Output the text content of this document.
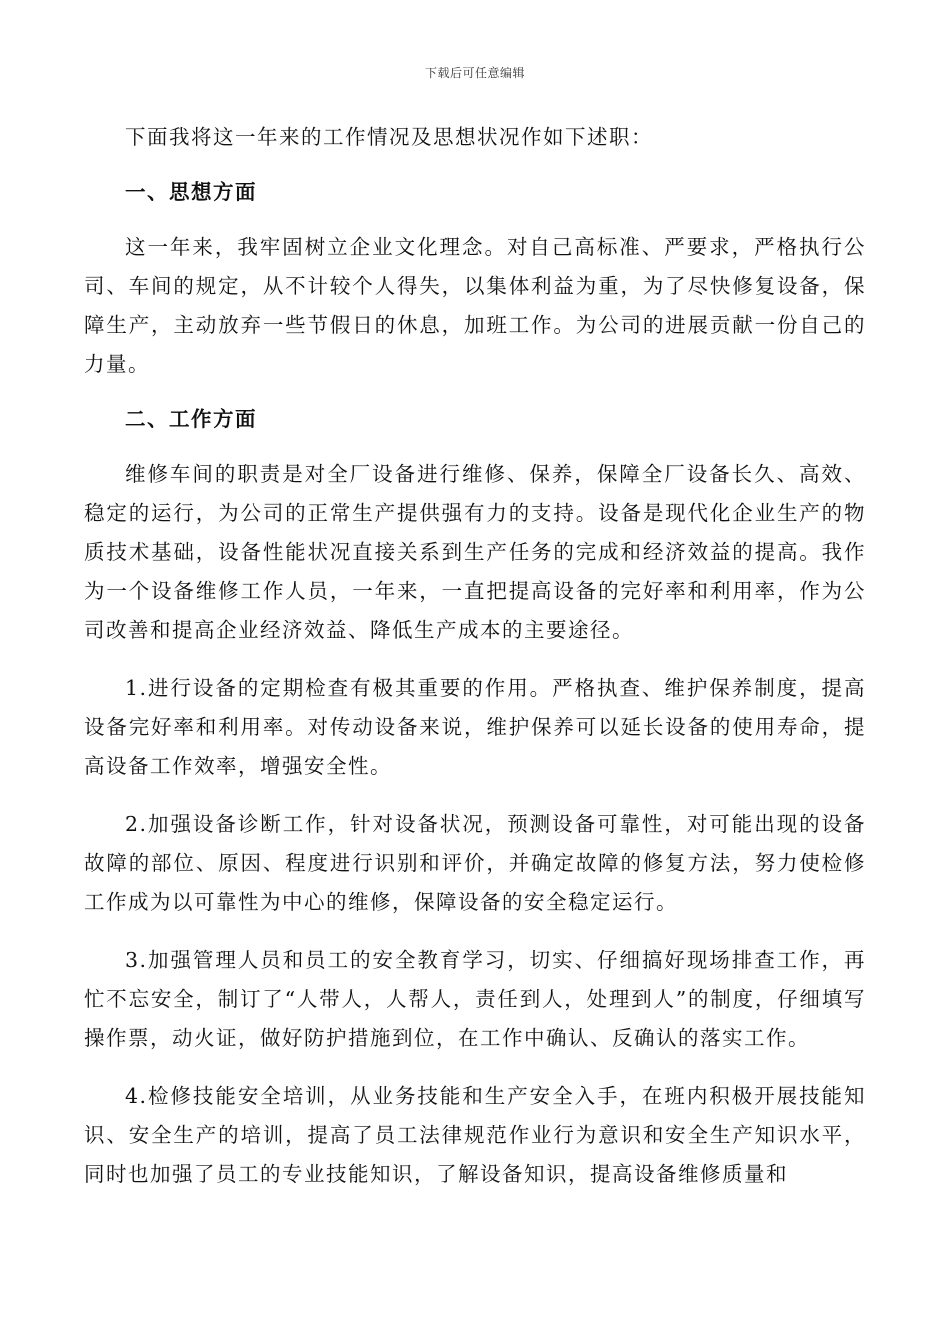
下载后可任意编辑

下面我将这一年来的工作情况及思想状况作如下述职：

一、思想方面

这一年来，我牢固树立企业文化理念。对自己高标准、严要求，严格执行公司、车间的规定，从不计较个人得失，以集体利益为重，为了尽快修复设备，保障生产，主动放弃一些节假日的休息，加班工作。为公司的进展贡献一份自己的力量。

二、工作方面

维修车间的职责是对全厂设备进行维修、保养，保障全厂设备长久、高效、稳定的运行，为公司的正常生产提供强有力的支持。设备是现代化企业生产的物质技术基础，设备性能状况直接关系到生产任务的完成和经济效益的提高。我作为一个设备维修工作人员，一年来，一直把提高设备的完好率和利用率，作为公司改善和提高企业经济效益、降低生产成本的主要途径。

1.进行设备的定期检查有极其重要的作用。严格执查、维护保养制度，提高设备完好率和利用率。对传动设备来说，维护保养可以延长设备的使用寿命，提高设备工作效率，增强安全性。

2.加强设备诊断工作，针对设备状况，预测设备可靠性，对可能出现的设备故障的部位、原因、程度进行识别和评价，并确定故障的修复方法，努力使检修工作成为以可靠性为中心的维修，保障设备的安全稳定运行。

3.加强管理人员和员工的安全教育学习，切实、仔细搞好现场排查工作，再忙不忘安全，制订了“人带人，人帮人，责任到人，处理到人”的制度，仔细填写操作票，动火证，做好防护措施到位，在工作中确认、反确认的落实工作。

4.检修技能安全培训，从业务技能和生产安全入手，在班内积极开展技能知识、安全生产的培训，提高了员工法律规范作业行为意识和安全生产知识水平，同时也加强了员工的专业技能知识，了解设备知识，提高设备维修质量和
